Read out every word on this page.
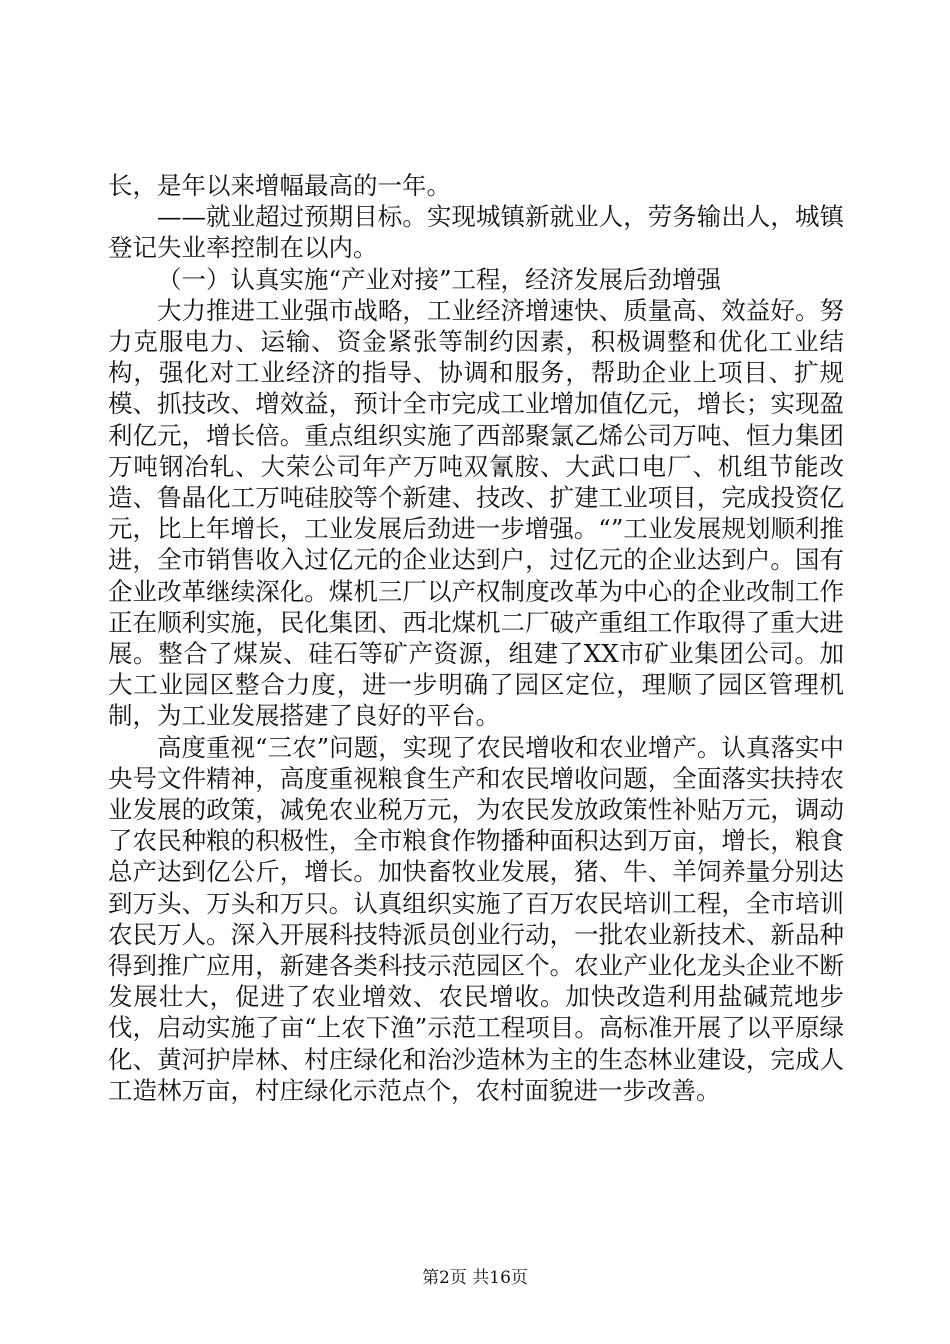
长，是年以来增幅最高的一年。

——就业超过预期目标。实现城镇新就业人，劳务输出人，城镇登记失业率控制在以内。

（一）认真实施“产业对接”工程，经济发展后劲增强

大力推进工业强市战略，工业经济增速快、质量高、效益好。努力克服电力、运输、资金紧张等制约因素，积极调整和优化工业结构，强化对工业经济的指导、协调和服务，帮助企业上项目、扩规模、抓技改、增效益，预计全市完成工业增加值亿元，增长；实现盈利亿元，增长倍。重点组织实施了西部聚氯乙烯公司万吨、恒力集团万吨钢冶轧、大荣公司年产万吨双氰胺、大武口电厂、机组节能改造、鲁晶化工万吨硅胶等个新建、技改、扩建工业项目，完成投资亿元，比上年增长，工业发展后劲进一步增强。“”工业发展规划顺利推进，全市销售收入过亿元的企业达到户，过亿元的企业达到户。国有企业改革继续深化。煤机三厂以产权制度改革为中心的企业改制工作正在顺利实施，民化集团、西北煤机二厂破产重组工作取得了重大进展。整合了煤炭、硅石等矿产资源，组建了XX市矿业集团公司。加大工业园区整合力度，进一步明确了园区定位，理顺了园区管理机制，为工业发展搭建了良好的平台。

高度重视“三农”问题，实现了农民增收和农业增产。认真落实中央号文件精神，高度重视粮食生产和农民增收问题，全面落实扶持农业发展的政策，减免农业税万元，为农民发放政策性补贴万元，调动了农民种粮的积极性，全市粮食作物播种面积达到万亩，增长，粮食总产达到亿公斤，增长。加快畜牧业发展，猪、牛、羊饲养量分别达到万头、万头和万只。认真组织实施了百万农民培训工程，全市培训农民万人。深入开展科技特派员创业行动，一批农业新技术、新品种得到推广应用，新建各类科技示范园区个。农业产业化龙头企业不断发展壮大，促进了农业增效、农民增收。加快改造利用盐碱荒地步伐，启动实施了亩“上农下渔”示范工程项目。高标准开展了以平原绿化、黄河护岸林、村庄绿化和治沙造林为主的生态林业建设，完成人工造林万亩，村庄绿化示范点个，农村面貌进一步改善。

第2页 共16页
